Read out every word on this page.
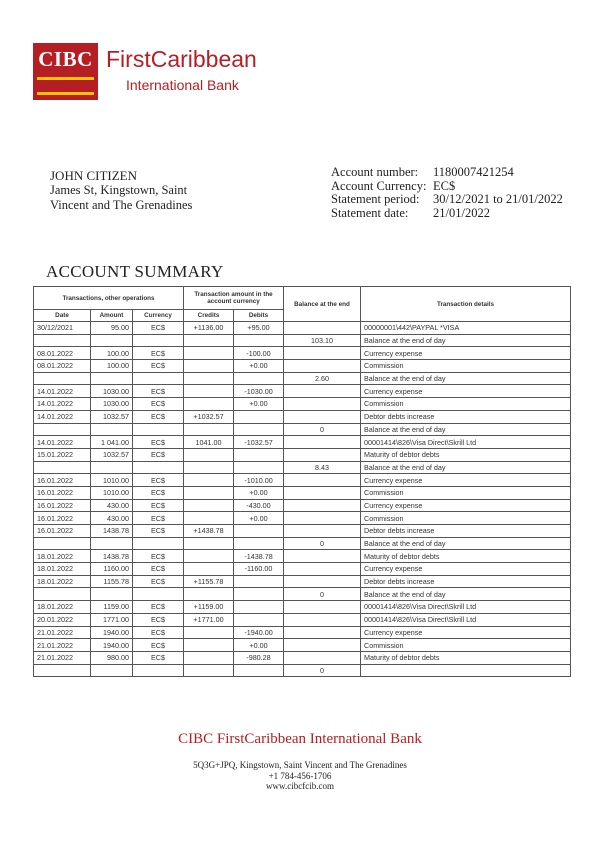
CIBC FirstCaribbean
International Bank
JOHN CITIZEN
James St, Kingstown, Saint
Vincent and The Grenadines
Account number:	1180007421254
Account Currency: EC$
Statement period:	30/12/2021 to 21/01/2022
Statement date:	21/01/2022
ACCOUNT SUMMARY
Transactions, other operations			Transaction amount in the account currency		Balance at the end	Transaction details
Date	Amount	Currency	Credits	Debits		
30/12/2021	95.00	EC$	+1136.00	+95.00		00000001\442\PAYPAL *VISA
					103.10	Balance at the end of day
08.01.2022	100.00	EC$		-100.00		Currency expense
08.01.2022	100.00	EC$		+0.00		Commission
					2.60	Balance at the end of day
14.01.2022	1030.00	EC$		-1030.00		Currency expense
14.01.2022	1030.00	EC$		+0.00		Commission
14.01.2022	1032.57	EC$	+1032.57			Debtor debts increase
					0	Balance at the end of day
14.01.2022	1 041.00	EC$	1041.00	-1032.57		00001414\826\Visa Direct\Skrill Ltd
15.01.2022	1032.57	EC$				Maturity of debtor debts
					8.43	Balance at the end of day
16.01.2022	1010.00	EC$		-1010.00		Currency expense
16.01.2022	1010.00	EC$		+0.00		Commission
16.01.2022	430.00	EC$		-430.00		Currency expense
16.01.2022	430.00	EC$		+0.00		Commission
16.01.2022	1438.78	EC$	+1438.78			Debtor debts increase
					0	Balance at the end of day
18.01.2022	1438.78	EC$		-1438.78		Maturity of debtor debts
18.01.2022	1160.00	EC$		-1160.00		Currency expense
18.01.2022	1155.78	EC$	+1155.78			Debtor debts increase
					0	Balance at the end of day
18.01.2022	1159.00	EC$	+1159.00			00001414\826\Visa Direct\Skrill Ltd
20.01.2022	1771.00	EC$	+1771.00			00001414\826\Visa Direct\Skrill Ltd
21.01.2022	1940.00	EC$		-1940.00		Currency expense
21.01.2022	1940.00	EC$		+0.00		Commission
21.01.2022	980.00	EC$		-980.28		Maturity of debtor debts
					0	
CIBC FirstCaribbean International Bank
5Q3G+JPQ, Kingstown, Saint Vincent and The Grenadines
+1 784-456-1706
www.cibcfcib.com
